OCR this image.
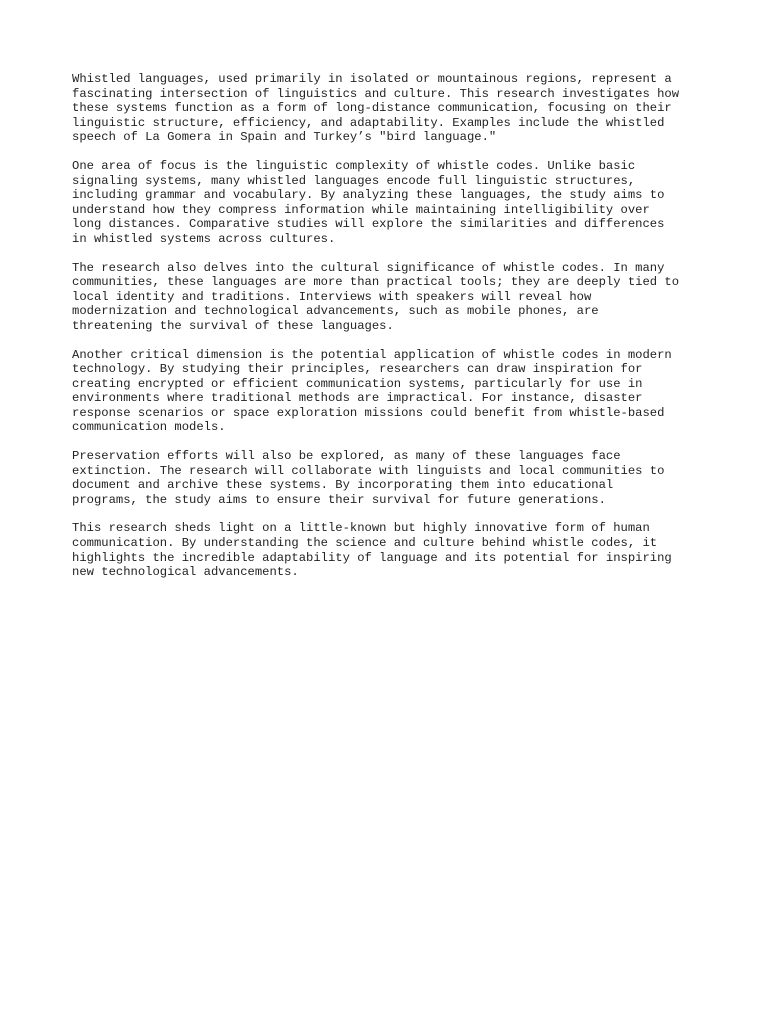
Whistled languages, used primarily in isolated or mountainous regions, represent a
fascinating intersection of linguistics and culture. This research investigates how
these systems function as a form of long-distance communication, focusing on their
linguistic structure, efficiency, and adaptability. Examples include the whistled
speech of La Gomera in Spain and Turkey’s "bird language."

One area of focus is the linguistic complexity of whistle codes. Unlike basic
signaling systems, many whistled languages encode full linguistic structures,
including grammar and vocabulary. By analyzing these languages, the study aims to
understand how they compress information while maintaining intelligibility over
long distances. Comparative studies will explore the similarities and differences
in whistled systems across cultures.

The research also delves into the cultural significance of whistle codes. In many
communities, these languages are more than practical tools; they are deeply tied to
local identity and traditions. Interviews with speakers will reveal how
modernization and technological advancements, such as mobile phones, are
threatening the survival of these languages.

Another critical dimension is the potential application of whistle codes in modern
technology. By studying their principles, researchers can draw inspiration for
creating encrypted or efficient communication systems, particularly for use in
environments where traditional methods are impractical. For instance, disaster
response scenarios or space exploration missions could benefit from whistle-based
communication models.

Preservation efforts will also be explored, as many of these languages face
extinction. The research will collaborate with linguists and local communities to
document and archive these systems. By incorporating them into educational
programs, the study aims to ensure their survival for future generations.

This research sheds light on a little-known but highly innovative form of human
communication. By understanding the science and culture behind whistle codes, it
highlights the incredible adaptability of language and its potential for inspiring
new technological advancements.
